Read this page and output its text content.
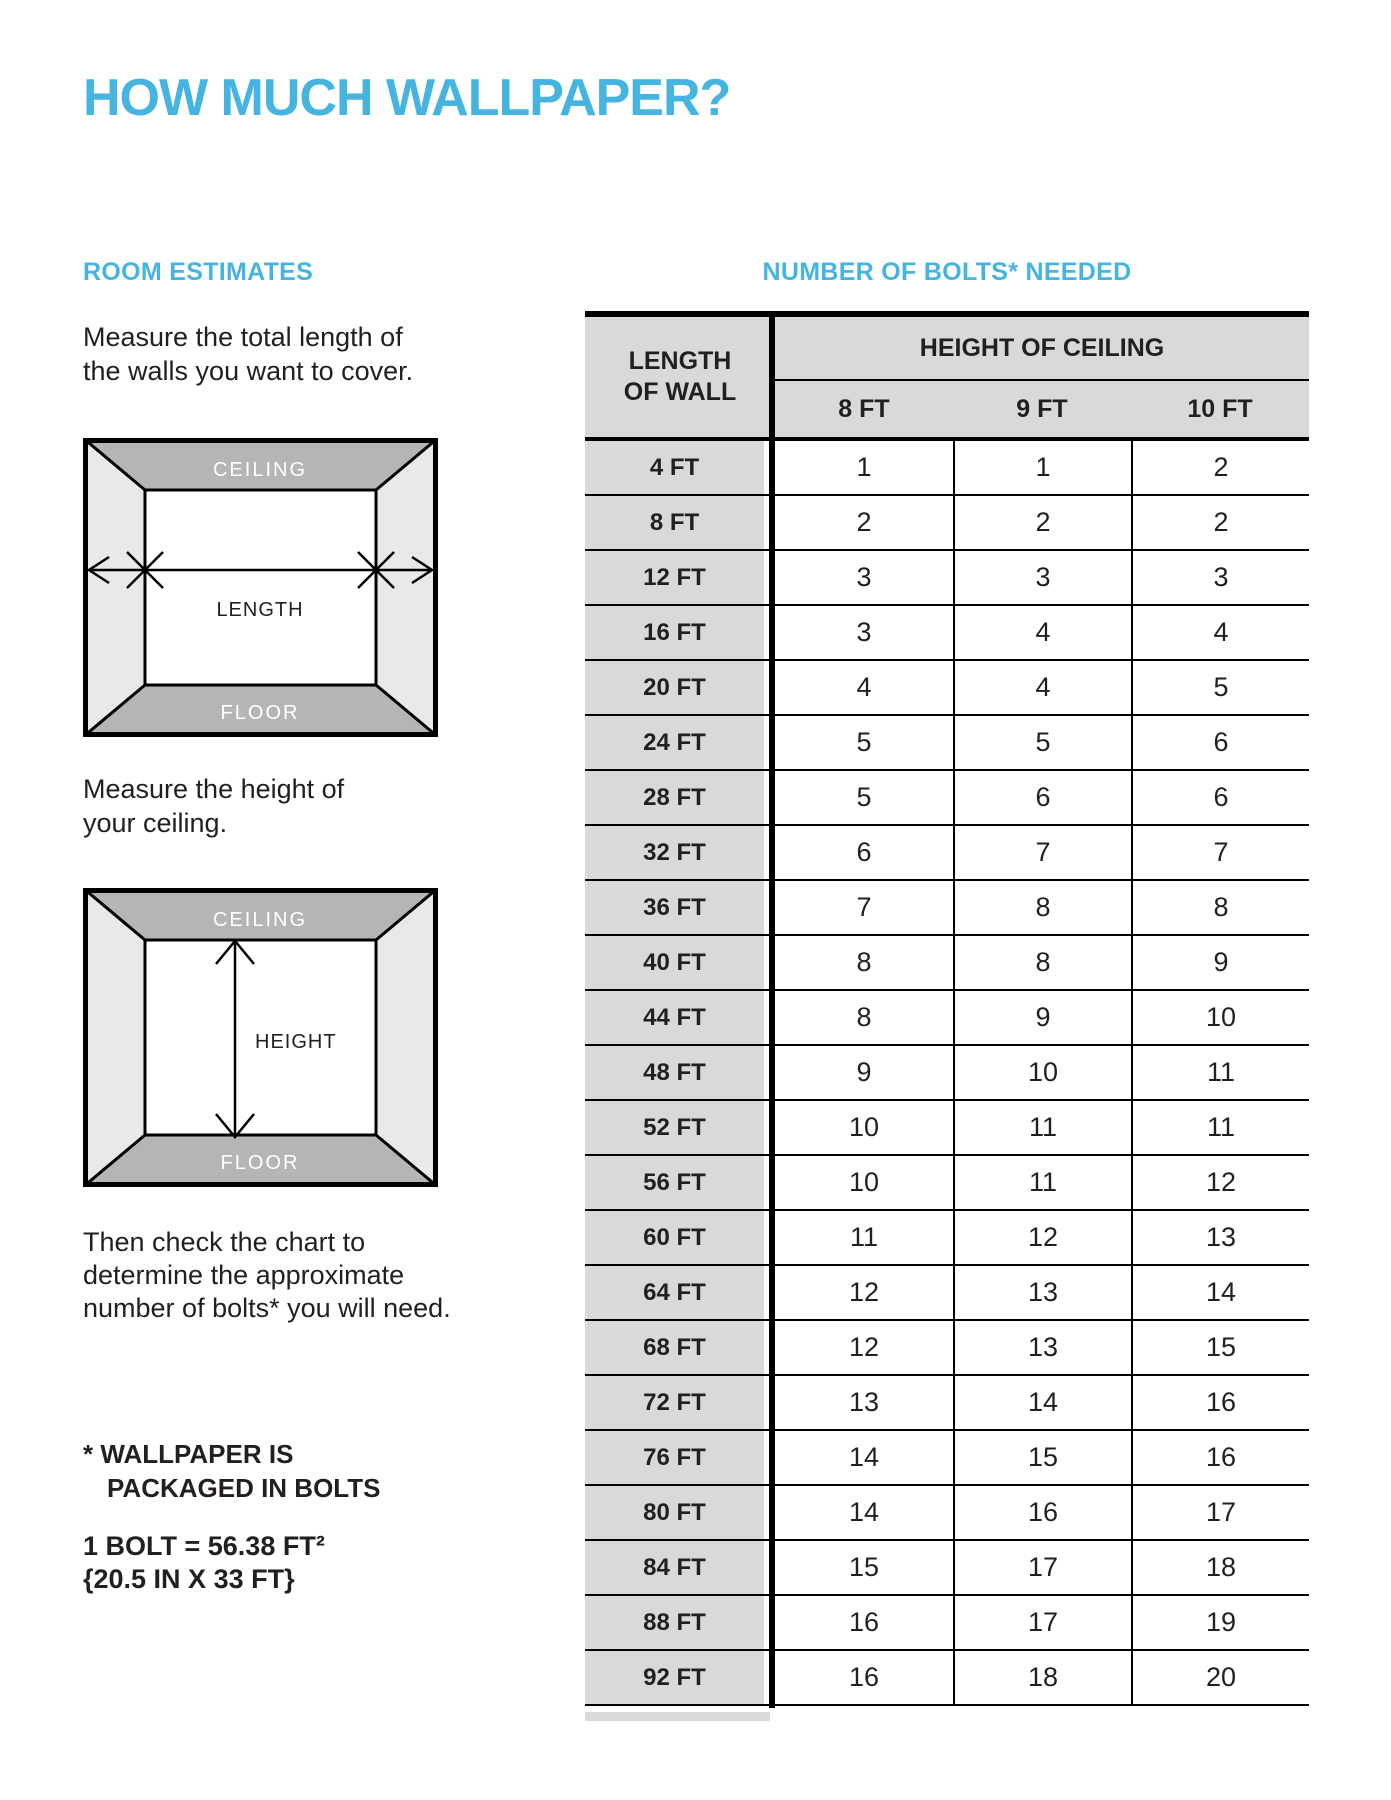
HOW MUCH WALLPAPER?
ROOM ESTIMATES
Measure the total length of
the walls you want to cover.
CEILING
FLOOR
LENGTH
Measure the height of
your ceiling.
CEILING
FLOOR
HEIGHT
Then check the chart to
determine the approximate
number of bolts* you will need.
* WALLPAPER IS
PACKAGED IN BOLTS
1 BOLT = 56.38 FT²
{20.5 IN X 33 FT}
NUMBER OF BOLTS* NEEDED
LENGTH
OF WALL
HEIGHT OF CEILING
8 FT	9 FT	10 FT
4 FT	1	1	2
8 FT	2	2	2
12 FT	3	3	3
16 FT	3	4	4
20 FT	4	4	5
24 FT	5	5	6
28 FT	5	6	6
32 FT	6	7	7
36 FT	7	8	8
40 FT	8	8	9
44 FT	8	9	10
48 FT	9	10	11
52 FT	10	11	11
56 FT	10	11	12
60 FT	11	12	13
64 FT	12	13	14
68 FT	12	13	15
72 FT	13	14	16
76 FT	14	15	16
80 FT	14	16	17
84 FT	15	17	18
88 FT	16	17	19
92 FT	16	18	20
